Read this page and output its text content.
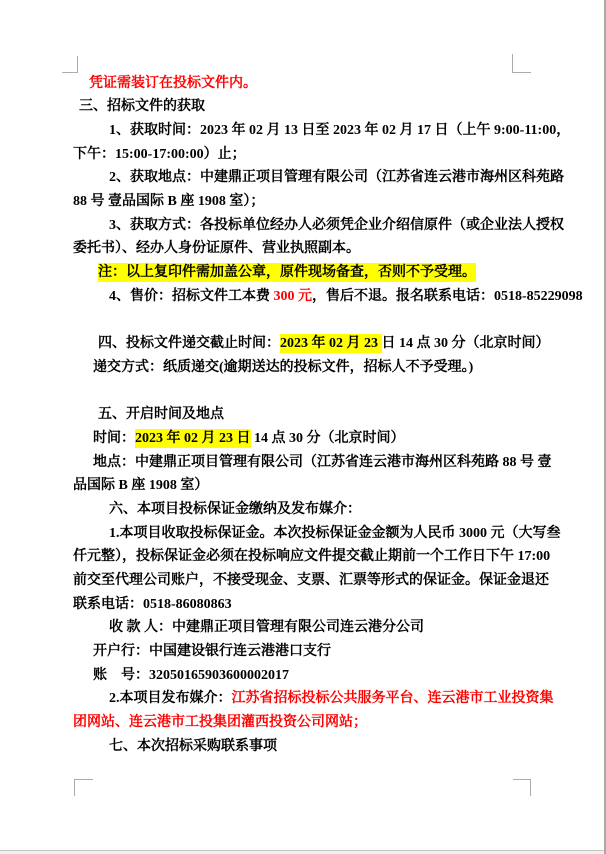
凭证需装订在投标文件内。
三、招标文件的获取
1、获取时间：2023 年 02 月 13 日至 2023 年 02 月 17 日（上午 9:00-11:00，
下午：15:00-17:00:00）止；
2、获取地点：中建鼎正项目管理有限公司（江苏省连云港市海州区科苑路
88 号 壹品国际 B 座 1908 室）；
3、获取方式：各投标单位经办人必须凭企业介绍信原件（或企业法人授权
委托书）、经办人身份证原件、营业执照副本。
注：以上复印件需加盖公章，原件现场备查，否则不予受理。
4、售价：招标文件工本费 300 元，售后不退。报名联系电话：0518-85229098
四、投标文件递交截止时间：2023 年 02 月 23 日 14 点 30 分（北京时间）
递交方式：纸质递交(逾期送达的投标文件，招标人不予受理。)
五、开启时间及地点
时间：2023 年 02 月 23 日 14 点 30 分（北京时间）
地点：中建鼎正项目管理有限公司（江苏省连云港市海州区科苑路 88 号 壹
品国际 B 座 1908 室）
六、本项目投标保证金缴纳及发布媒介：
1.本项目收取投标保证金。本次投标保证金金额为人民币 3000 元（大写叁
仟元整），投标保证金必须在投标响应文件提交截止期前一个工作日下午 17:00
前交至代理公司账户，不接受现金、支票、汇票等形式的保证金。保证金退还
联系电话：0518-86080863
收 款 人：中建鼎正项目管理有限公司连云港分公司
开户行：中国建设银行连云港港口支行
账　号：32050165903600002017
2.本项目发布媒介：江苏省招标投标公共服务平台、连云港市工业投资集
团网站、连云港市工投集团灌西投资公司网站；
七、本次招标采购联系事项
